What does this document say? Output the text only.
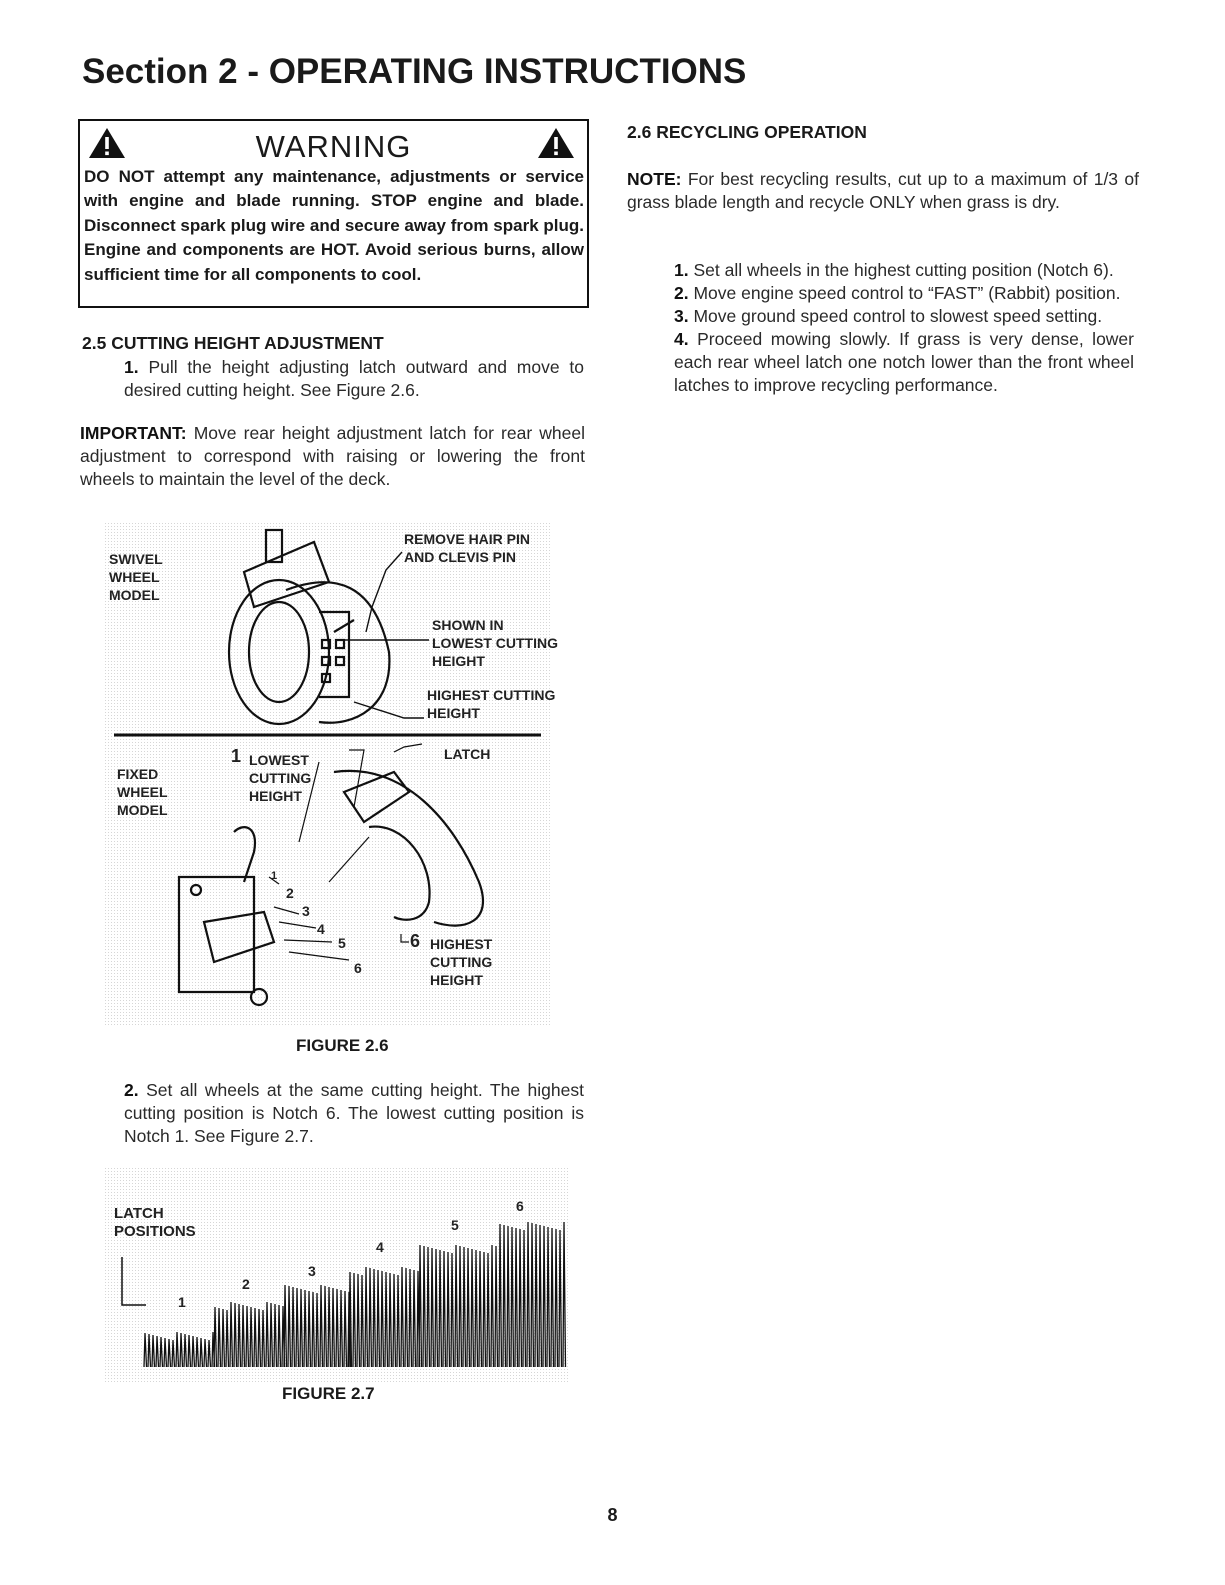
Section 2 - OPERATING INSTRUCTIONS
WARNING
DO NOT attempt any maintenance, adjustments or service with engine and blade running. STOP engine and blade. Disconnect spark plug wire and secure away from spark plug. Engine and components are HOT. Avoid serious burns, allow sufficient time for all components to cool.
2.5 CUTTING HEIGHT ADJUSTMENT
1. Pull the height adjusting latch outward and move to desired cutting height. See Figure 2.6.
IMPORTANT: Move rear height adjustment latch for rear wheel adjustment to correspond with raising or lowering the front wheels to maintain the level of the deck.
SWIVEL
WHEEL
MODEL
REMOVE HAIR PIN
AND CLEVIS PIN
SHOWN IN
LOWEST CUTTING
HEIGHT
HIGHEST CUTTING
HEIGHT
FIXED
WHEEL
MODEL
1 LOWEST
CUTTING
HEIGHT
LATCH
6 HIGHEST
CUTTING
HEIGHT
1
2
3
4
5
6
FIGURE 2.6
2. Set all wheels at the same cutting height. The highest cutting position is Notch 6. The lowest cutting position is Notch 1. See Figure 2.7.
LATCH
POSITIONS
1
2
3
4
5
6
FIGURE 2.7
2.6 RECYCLING OPERATION
NOTE: For best recycling results, cut up to a maximum of 1/3 of grass blade length and recycle ONLY when grass is dry.
1. Set all wheels in the highest cutting position (Notch 6).
2. Move engine speed control to “FAST” (Rabbit) position.
3. Move ground speed control to slowest speed setting.
4. Proceed mowing slowly. If grass is very dense, lower each rear wheel latch one notch lower than the front wheel latches to improve recycling performance.
8
